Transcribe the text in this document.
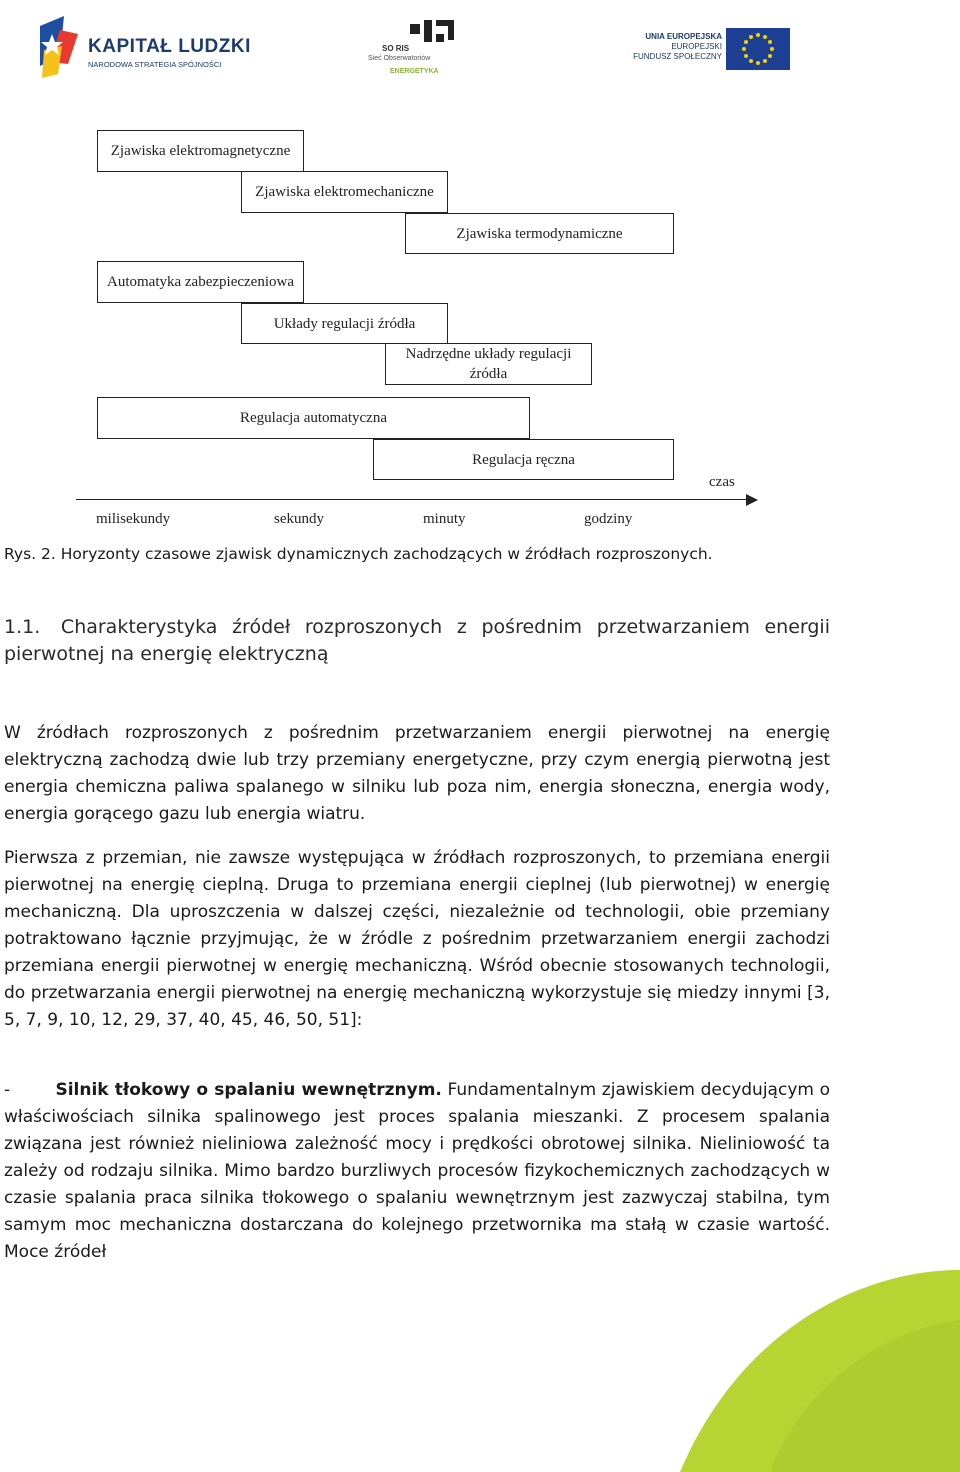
KAPITAŁ LUDZKI
NARODOWA STRATEGIA SPÓJNOŚCI
SO RIS
Sieć Obserwatoriów
ENERGETYKA
UNIA EUROPEJSKA
EUROPEJSKI
FUNDUSZ SPOŁECZNY
Zjawiska elektromagnetyczne
Zjawiska elektromechaniczne
Zjawiska termodynamiczne
Automatyka zabezpieczeniowa
Układy regulacji źródła
Nadrzędne układy regulacji źródła
Regulacja automatyczna
Regulacja ręczna
czas
milisekundy	sekundy	minuty	godziny
Rys. 2. Horyzonty czasowe zjawisk dynamicznych zachodzących w źródłach rozproszonych.
1.1. Charakterystyka źródeł rozproszonych z pośrednim przetwarzaniem energii pierwotnej na energię elektryczną
W źródłach rozproszonych z pośrednim przetwarzaniem energii pierwotnej na energię elektryczną zachodzą dwie lub trzy przemiany energetyczne, przy czym energią pierwotną jest energia chemiczna paliwa spalanego w silniku lub poza nim, energia słoneczna, energia wody, energia gorącego gazu lub energia wiatru.
Pierwsza z przemian, nie zawsze występująca w źródłach rozproszonych, to przemiana energii pierwotnej na energię cieplną. Druga to przemiana energii cieplnej (lub pierwotnej) w energię mechaniczną. Dla uproszczenia w dalszej części, niezależnie od technologii, obie przemiany potraktowano łącznie przyjmując, że w źródle z pośrednim przetwarzaniem energii zachodzi przemiana energii pierwotnej w energię mechaniczną. Wśród obecnie stosowanych technologii, do przetwarzania energii pierwotnej na energię mechaniczną wykorzystuje się miedzy innymi [3, 5, 7, 9, 10, 12, 29, 37, 40, 45, 46, 50, 51]:
-	Silnik tłokowy o spalaniu wewnętrznym. Fundamentalnym zjawiskiem decydującym o właściwościach silnika spalinowego jest proces spalania mieszanki. Z procesem spalania związana jest również nieliniowa zależność mocy i prędkości obrotowej silnika. Nieliniowość ta zależy od rodzaju silnika. Mimo bardzo burzliwych procesów fizykochemicznych zachodzących w czasie spalania praca silnika tłokowego o spalaniu wewnętrznym jest zazwyczaj stabilna, tym samym moc mechaniczna dostarczana do kolejnego przetwornika ma stałą w czasie wartość. Moce źródeł
